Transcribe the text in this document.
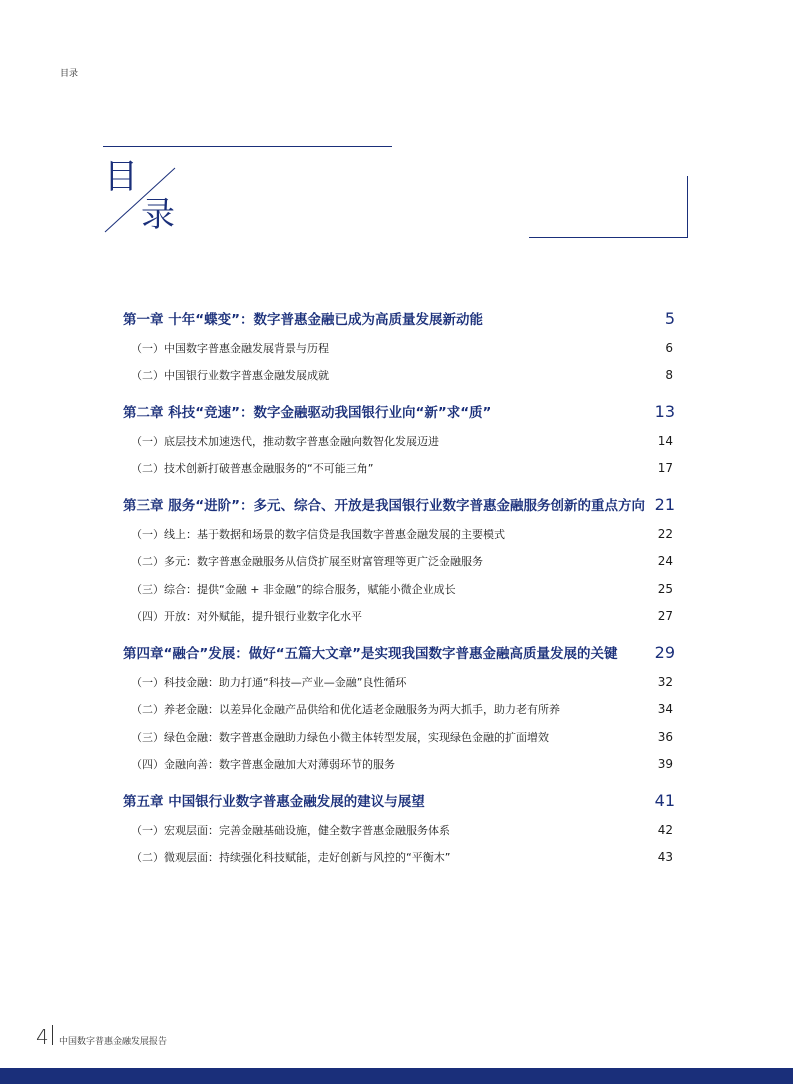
目录
目
录
第一章 十年“蝶变”：数字普惠金融已成为高质量发展新动能	5
（一）中国数字普惠金融发展背景与历程	6
（二）中国银行业数字普惠金融发展成就	8
第二章 科技“竞速”：数字金融驱动我国银行业向“新”求“质”	13
（一）底层技术加速迭代，推动数字普惠金融向数智化发展迈进	14
（二）技术创新打破普惠金融服务的“不可能三角”	17
第三章 服务“进阶”：多元、综合、开放是我国银行业数字普惠金融服务创新的重点方向 21
（一）线上：基于数据和场景的数字信贷是我国数字普惠金融发展的主要模式	22
（二）多元：数字普惠金融服务从信贷扩展至财富管理等更广泛金融服务	24
（三）综合：提供“金融 + 非金融”的综合服务，赋能小微企业成长	25
（四）开放：对外赋能，提升银行业数字化水平	27
第四章“融合”发展：做好“五篇大文章”是实现我国数字普惠金融高质量发展的关键 29
（一）科技金融：助力打通“科技—产业—金融”良性循环	32
（二）养老金融：以差异化金融产品供给和优化适老金融服务为两大抓手，助力老有所养	34
（三）绿色金融：数字普惠金融助力绿色小微主体转型发展，实现绿色金融的扩面增效	36
（四）金融向善：数字普惠金融加大对薄弱环节的服务	39
第五章 中国银行业数字普惠金融发展的建议与展望	41
（一）宏观层面：完善金融基础设施，健全数字普惠金融服务体系	42
（二）微观层面：持续强化科技赋能，走好创新与风控的“平衡木”	43
4 中国数字普惠金融发展报告
